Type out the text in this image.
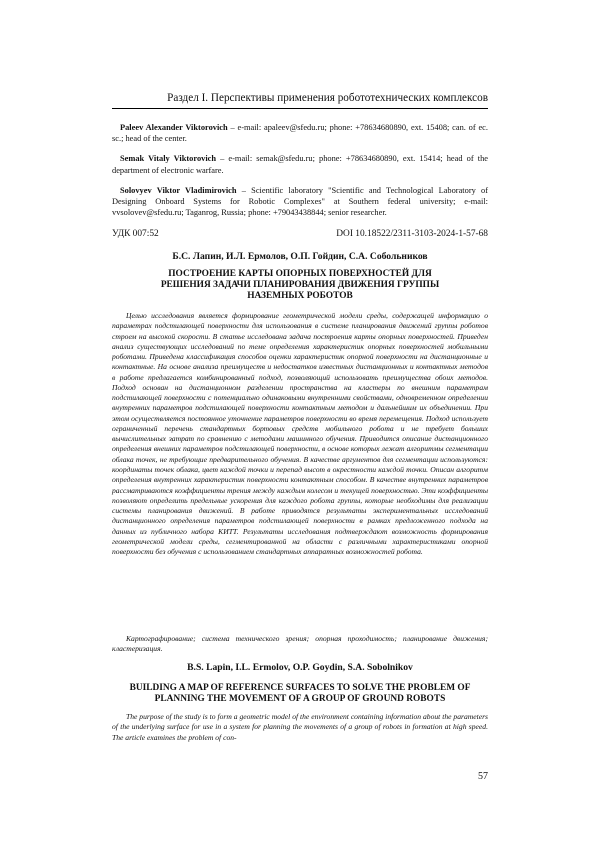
Раздел I. Перспективы применения робототехнических комплексов

Paleev Alexander Viktorovich – e-mail: apaleev@sfedu.ru; phone: +78634680890, ext. 15408; can. of ec. sc.; head of the center.

Semak Vitaly Viktorovich – e-mail: semak@sfedu.ru; phone: +78634680890, ext. 15414; head of the department of electronic warfare.

Solovyev Viktor Vladimirovich – Scientific laboratory "Scientific and Technological Laboratory of Designing Onboard Systems for Robotic Complexes" at Southern federal university; e-mail: vvsolovev@sfedu.ru; Taganrog, Russia; phone: +79043438844; senior researcher.

УДК 007:52	DOI 10.18522/2311-3103-2024-1-57-68
Б.С. Лапин, И.Л. Ермолов, О.П. Гойдин, С.А. Собольников
ПОСТРОЕНИЕ КАРТЫ ОПОРНЫХ ПОВЕРХНОСТЕЙ ДЛЯ РЕШЕНИЯ ЗАДАЧИ ПЛАНИРОВАНИЯ ДВИЖЕНИЯ ГРУППЫ НАЗЕМНЫХ РОБОТОВ

Целью исследования является формирование геометрической модели среды, содержащей информацию о параметрах подстилающей поверхности для использования в системе планирования движений группы роботов строем на высокой скорости. В статье исследована задача построения карты опорных поверхностей. Приведен анализ существующих исследований по теме определения характеристик опорных поверхностей мобильными роботами. Приведена классификация способов оценки характеристик опорной поверхности на дистанционные и контактные. На основе анализа преимуществ и недостатков известных дистанционных и контактных методов в работе предлагается комбинированный подход, позволяющий использовать преимущества обоих методов. Подход основан на дистанционном разделении пространства на кластеры по внешним параметрам подстилающей поверхности с потенциально одинаковыми внутренними свойствами, одновременном определении внутренних параметров подстилающей поверхности контактным методом и дальнейшим их объединении. При этом осуществляется постоянное уточнение параметров поверхности во время перемещения. Подход использует ограниченный перечень стандартных бортовых средств мобильного робота и не требует больших вычислительных затрат по сравнению с методами машинного обучения. Приводится описание дистанционного определения внешних параметров подстилающей поверхности, в основе которых лежат алгоритмы сегментации облака точек, не требующие предварительного обучения. В качестве аргументов для сегментации используются: координаты точек облака, цвет каждой точки и перепад высот в окрестности каждой точки. Описан алгоритм определения внутренних характеристик поверхности контактным способом. В качестве внутренних параметров рассматриваются коэффициенты трения между каждым колесом и текущей поверхностью. Эти коэффициенты позволяют определить предельные ускорения для каждого робота группы, которые необходимы для реализации системы планирования движений. В работе приводятся результаты экспериментальных исследований дистанционного определения параметров подстилающей поверхности в рамках предложенного подхода на данных из публичного набора КИТТ. Результаты исследования подтверждают возможность формирования геометрической модели среды, сегментированной на области с различными характеристиками опорной поверхности без обучения с использованием стандартных аппаратных возможностей робота.

Картографирование; система технического зрения; опорная проходимость; планирование движения; кластеризация.
B.S. Lapin, I.L. Ermolov, O.P. Goydin, S.A. Sobolnikov
BUILDING A MAP OF REFERENCE SURFACES TO SOLVE THE PROBLEM OF PLANNING THE MOVEMENT OF A GROUP OF GROUND ROBOTS

The purpose of the study is to form a geometric model of the environment containing information about the parameters of the underlying surface for use in a system for planning the movements of a group of robots in formation at high speed. The article examines the problem of con-

57
